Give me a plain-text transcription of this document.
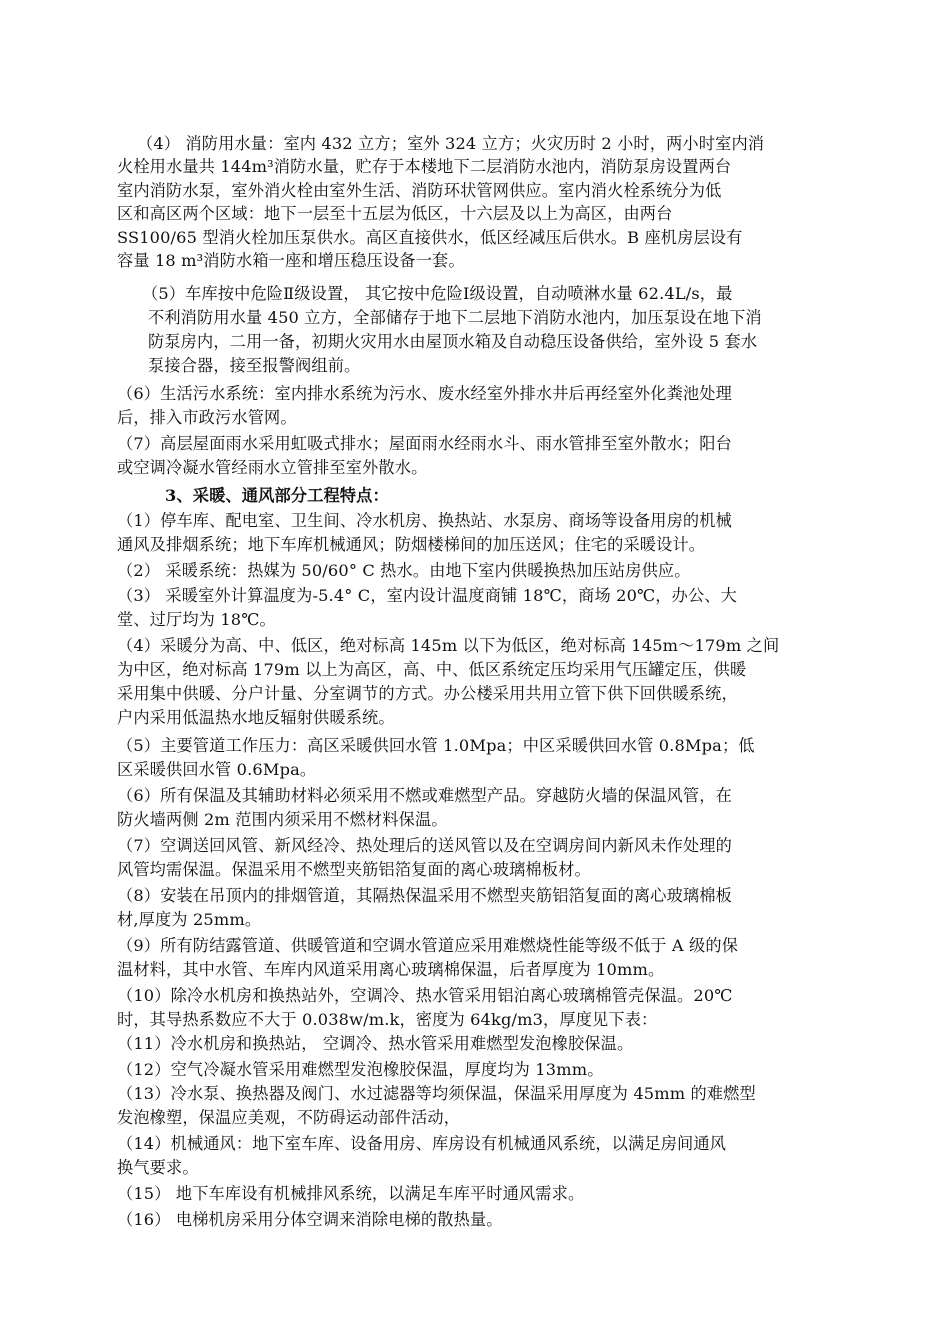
（4） 消防用水量：室内 432 立方；室外 324 立方；火灾历时 2 小时，两小时室内消
火栓用水量共 144m³消防水量，贮存于本楼地下二层消防水池内，消防泵房设置两台
室内消防水泵，室外消火栓由室外生活、消防环状管网供应。室内消火栓系统分为低
区和高区两个区域：地下一层至十五层为低区，十六层及以上为高区，由两台
SS100/65 型消火栓加压泵供水。高区直接供水，低区经减压后供水。B 座机房层设有
容量 18 m³消防水箱一座和增压稳压设备一套。
（5）车库按中危险Ⅱ级设置， 其它按中危险Ⅰ级设置，自动喷淋水量 62.4L/s，最
不利消防用水量 450 立方，全部储存于地下二层地下消防水池内，加压泵设在地下消
防泵房内，二用一备，初期火灾用水由屋顶水箱及自动稳压设备供给，室外设 5 套水
泵接合器，接至报警阀组前。
（6）生活污水系统：室内排水系统为污水、废水经室外排水井后再经室外化粪池处理
后，排入市政污水管网。
（7）高层屋面雨水采用虹吸式排水；屋面雨水经雨水斗、雨水管排至室外散水；阳台
或空调冷凝水管经雨水立管排至室外散水。
3、采暖、通风部分工程特点：
（1）停车库、配电室、卫生间、冷水机房、换热站、水泵房、商场等设备用房的机械
通风及排烟系统；地下车库机械通风；防烟楼梯间的加压送风；住宅的采暖设计。
（2） 采暖系统：热媒为 50/60° C 热水。由地下室内供暖换热加压站房供应。
（3） 采暖室外计算温度为-5.4° C，室内设计温度商铺 18℃，商场 20℃，办公、大
堂、过厅均为 18℃。
（4）采暖分为高、中、低区，绝对标高 145m 以下为低区，绝对标高 145m～179m 之间
为中区，绝对标高 179m 以上为高区，高、中、低区系统定压均采用气压罐定压，供暖
采用集中供暖、分户计量、分室调节的方式。办公楼采用共用立管下供下回供暖系统，
户内采用低温热水地反辐射供暖系统。
（5）主要管道工作压力：高区采暖供回水管 1.0Mpa；中区采暖供回水管 0.8Mpa；低
区采暖供回水管 0.6Mpa。
（6）所有保温及其辅助材料必须采用不燃或难燃型产品。穿越防火墙的保温风管，在
防火墙两侧 2m 范围内须采用不燃材料保温。
（7）空调送回风管、新风经冷、热处理后的送风管以及在空调房间内新风未作处理的
风管均需保温。保温采用不燃型夹筋铝箔复面的离心玻璃棉板材。
（8）安装在吊顶内的排烟管道，其隔热保温采用不燃型夹筋铝箔复面的离心玻璃棉板
材,厚度为 25mm。
（9）所有防结露管道、供暖管道和空调水管道应采用难燃烧性能等级不低于 A 级的保
温材料，其中水管、车库内风道采用离心玻璃棉保温，后者厚度为 10mm。
（10）除冷水机房和换热站外，空调冷、热水管采用铝泊离心玻璃棉管壳保温。20℃
时，其导热系数应不大于 0.038w/m.k，密度为 64kg/m3，厚度见下表：
（11）冷水机房和换热站， 空调冷、热水管采用难燃型发泡橡胶保温。
（12）空气冷凝水管采用难燃型发泡橡胶保温，厚度均为 13mm。
（13）冷水泵、换热器及阀门、水过滤器等均须保温，保温采用厚度为 45mm 的难燃型
发泡橡塑，保温应美观，不防碍运动部件活动，
（14）机械通风：地下室车库、设备用房、库房设有机械通风系统，以满足房间通风
换气要求。
（15） 地下车库设有机械排风系统，以满足车库平时通风需求。
（16） 电梯机房采用分体空调来消除电梯的散热量。
